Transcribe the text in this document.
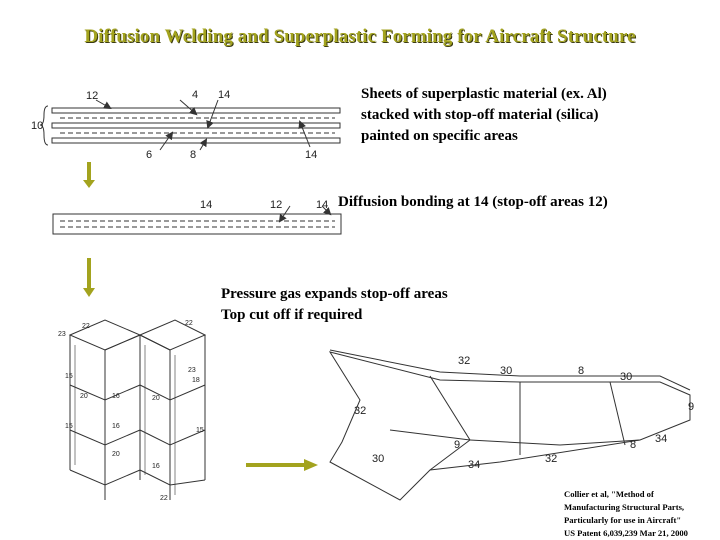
Diffusion Welding and Superplastic Forming for Aircraft Structure
Sheets of superplastic material (ex. Al)
stacked with stop-off material (silica)
painted on specific areas
Diffusion bonding at 14 (stop-off areas 12)
Pressure gas expands stop-off areas
Top cut off if required
Collier et al, "Method of
Manufacturing Structural Parts,
Particularly for use in Aircraft"
US Patent 6,039,239 Mar 21, 2000
12	4 14
10
6	8	14
14	12	14
22	22
23
15
23
20	16
18
20
16
15
15
20
16
22
32
30	8	30
9
32
9	34
30	34	32
8
